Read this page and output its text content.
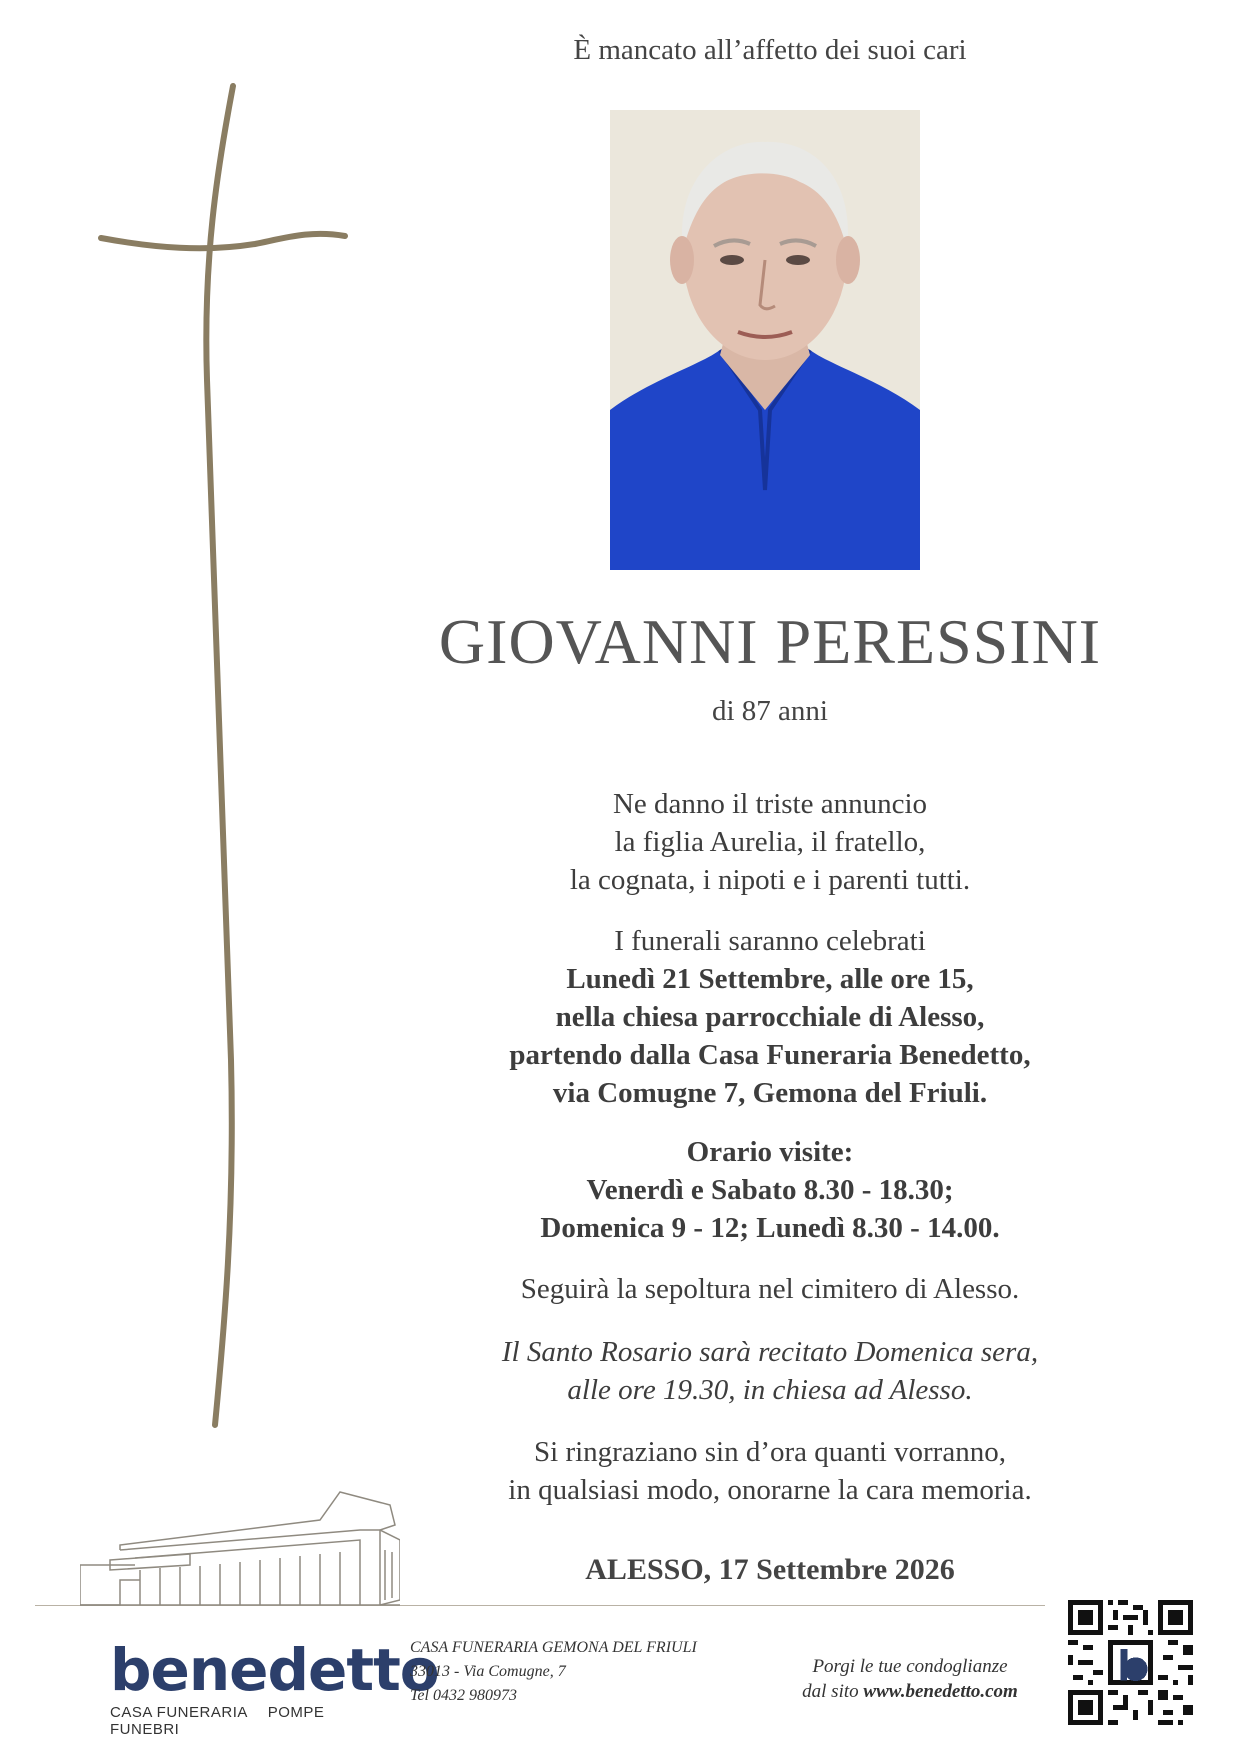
È mancato all’affetto dei suoi cari
GIOVANNI PERESSINI
di 87 anni
Ne danno il triste annuncio
la figlia Aurelia, il fratello,
la cognata, i nipoti e i parenti tutti.
I funerali saranno celebrati
Lunedì 21 Settembre, alle ore 15,
nella chiesa parrocchiale di Alesso,
partendo dalla Casa Funeraria Benedetto,
via Comugne 7, Gemona del Friuli.
Orario visite:
Venerdì e Sabato 8.30 - 18.30;
Domenica 9 - 12; Lunedì 8.30 - 14.00.
Seguirà la sepoltura nel cimitero di Alesso.
Il Santo Rosario sarà recitato Domenica sera,
alle ore 19.30, in chiesa ad Alesso.
Si ringraziano sin d’ora quanti vorranno,
in qualsiasi modo, onorarne la cara memoria.
ALESSO, 17 Settembre 2026
benedetto
CASA FUNERARIA POMPE FUNEBRI
CASA FUNERARIA GEMONA DEL FRIULI
33013 - Via Comugne, 7
Tel 0432 980973
Porgi le tue condoglianze
dal sito www.benedetto.com
